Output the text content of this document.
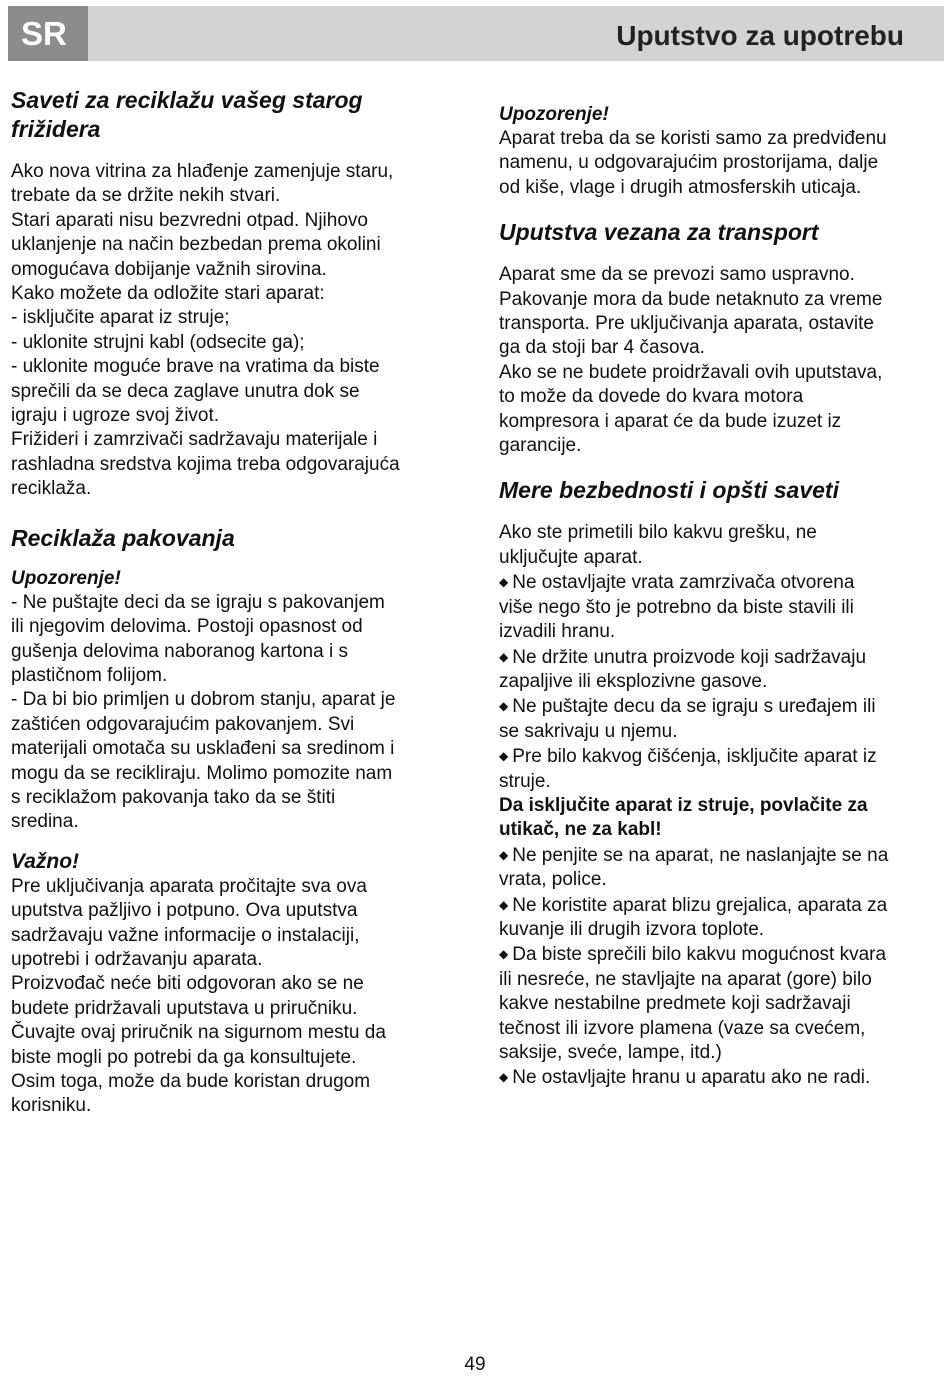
SR	Uputstvo za upotrebu
Saveti za reciklažu vašeg starog
frižidera

Ako nova vitrina za hlađenje zamenjuje staru,

trebate da se držite nekih stvari.

Stari aparati nisu bezvredni otpad. Njihovo

uklanjenje na način bezbedan prema okolini

omogućava dobijanje važnih sirovina.

Kako možete da odložite stari aparat:

- isključite aparat iz struje;

- uklonite strujni kabl (odsecite ga);

- uklonite moguće brave na vratima da biste

sprečili da se deca zaglave unutra dok se

igraju i ugroze svoj život.

Frižideri i zamrzivači sadržavaju materijale i

rashladna sredstva kojima treba odgovarajuća

reciklaža.

Reciklaža pakovanja
Upozorenje!

- Ne puštajte deci da se igraju s pakovanjem

ili njegovim delovima. Postoji opasnost od

gušenja delovima naboranog kartona i s

plastičnom folijom.

- Da bi bio primljen u dobrom stanju, aparat je

zaštićen odgovarajućim pakovanjem. Svi

materijali omotača su usklađeni sa sredinom i

mogu da se recikliraju. Molimo pomozite nam

s reciklažom pakovanja tako da se štiti

sredina.

Važno!

Pre uključivanja aparata pročitajte sva ova

uputstva pažljivo i potpuno. Ova uputstva

sadržavaju važne informacije o instalaciji,

upotrebi i održavanju aparata.

Proizvođač neće biti odgovoran ako se ne

budete pridržavali uputstava u priručniku.

Čuvajte ovaj priručnik na sigurnom mestu da

biste mogli po potrebi da ga konsultujete.

Osim toga, može da bude koristan drugom

korisniku.

Upozorenje!

Aparat treba da se koristi samo za predviđenu

namenu, u odgovarajućim prostorijama, dalje

od kiše, vlage i drugih atmosferskih uticaja.

Uputstva vezana za transport

Aparat sme da se prevozi samo uspravno.

Pakovanje mora da bude netaknuto za vreme

transporta. Pre uključivanja aparata, ostavite

ga da stoji bar 4 časova.

Ako se ne budete proidržavali ovih uputstava,

to može da dovede do kvara motora

kompresora i aparat će da bude izuzet iz

garancije.

Mere bezbednosti i opšti saveti

Ako ste primetili bilo kakvu grešku, ne

uključujte aparat.

◆ Ne ostavljajte vrata zamrzivača otvorena

više nego što je potrebno da biste stavili ili

izvadili hranu.

◆ Ne držite unutra proizvode koji sadržavaju

zapaljive ili eksplozivne gasove.

◆ Ne puštajte decu da se igraju s uređajem ili

se sakrivaju u njemu.

◆ Pre bilo kakvog čišćenja, isključite aparat iz

struje.

Da isključite aparat iz struje, povlačite za

utikač, ne za kabl!

◆ Ne penjite se na aparat, ne naslanjajte se na

vrata, police.

◆ Ne koristite aparat blizu grejalica, aparata za

kuvanje ili drugih izvora toplote.

◆ Da biste sprečili bilo kakvu mogućnost kvara

ili nesreće, ne stavljajte na aparat (gore) bilo

kakve nestabilne predmete koji sadržavaji

tečnost ili izvore plamena (vaze sa cvećem,

saksije, sveće, lampe, itd.)

◆ Ne ostavljajte hranu u aparatu ako ne radi.

49
